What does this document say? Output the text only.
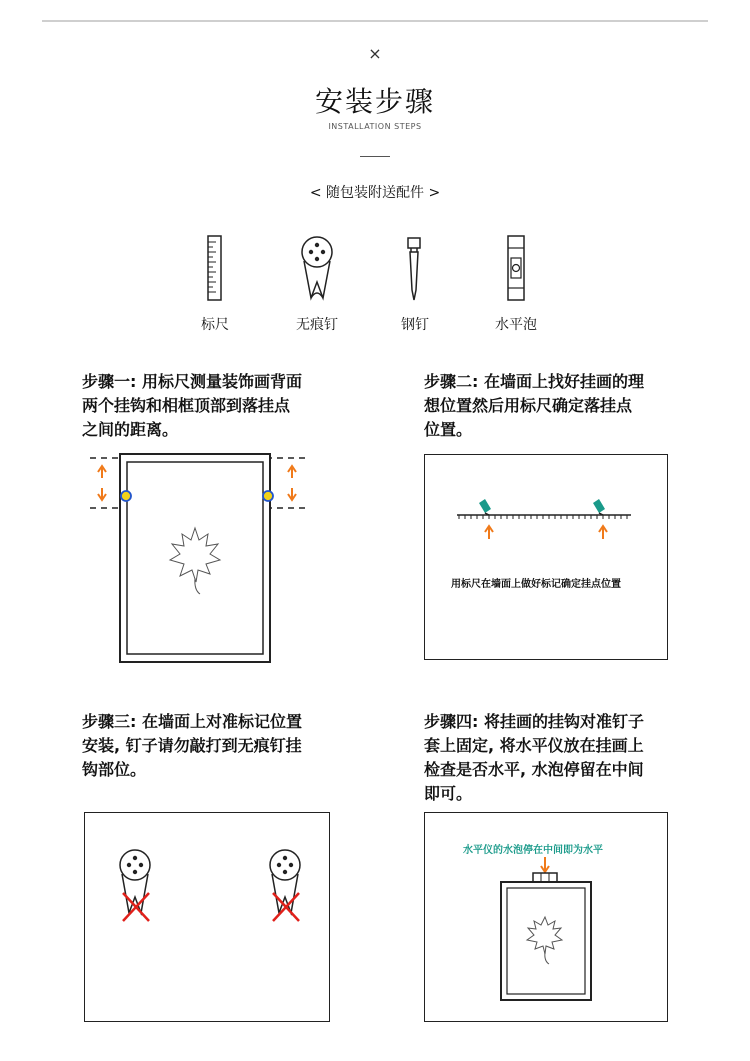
×
安装步骤
INSTALLATION STEPS
< 随包装附送配件 >
标尺	无痕钉	钢钉	水平泡
步骤一: 用标尺测量装饰画背面
两个挂钩和相框顶部到落挂点
之间的距离。
步骤二: 在墙面上找好挂画的理
想位置然后用标尺确定落挂点
位置。
用标尺在墙面上做好标记确定挂点位置
步骤三: 在墙面上对准标记位置
安装, 钉子请勿敲打到无痕钉挂
钩部位。
步骤四: 将挂画的挂钩对准钉子
套上固定, 将水平仪放在挂画上
检查是否水平, 水泡停留在中间
即可。
水平仪的水泡停在中间即为水平
